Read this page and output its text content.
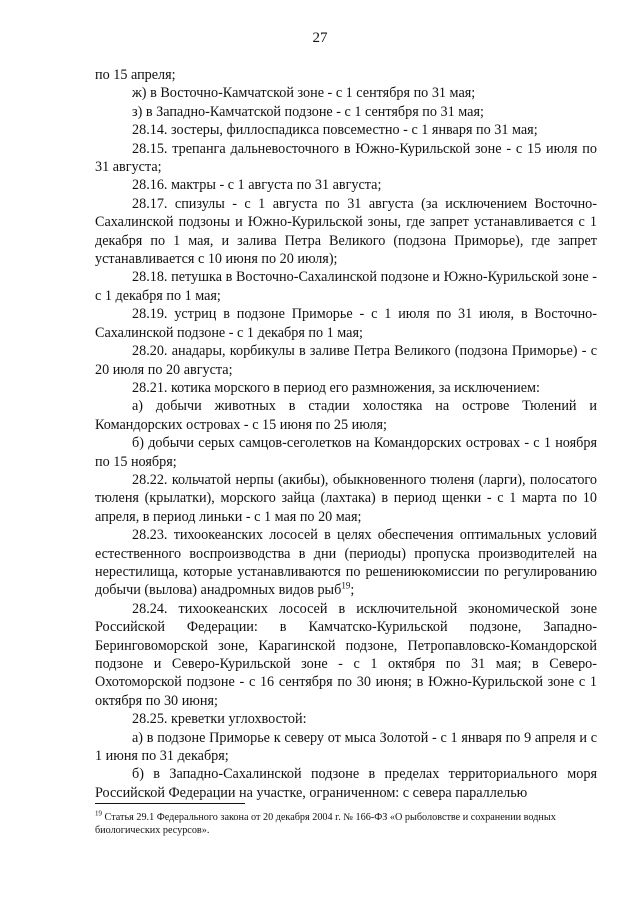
27

по 15 апреля;

ж) в Восточно-Камчатской зоне - с 1 сентября по 31 мая;

з) в Западно-Камчатской подзоне - с 1 сентября по 31 мая;

28.14. зостеры, филлоспадикса повсеместно - с 1 января по 31 мая;

28.15. трепанга дальневосточного в Южно-Курильской зоне - с 15 июля по 31 августа;

28.16. мактры - с 1 августа по 31 августа;

28.17. спизулы - с 1 августа по 31 августа (за исключением Восточно-Сахалинской подзоны и Южно-Курильской зоны, где запрет устанавливается с 1 декабря по 1 мая, и залива Петра Великого (подзона Приморье), где запрет устанавливается с 10 июня по 20 июля);

28.18. петушка в Восточно-Сахалинской подзоне и Южно-Курильской зоне - с 1 декабря по 1 мая;

28.19. устриц в подзоне Приморье - с 1 июля по 31 июля, в Восточно-Сахалинской подзоне - с 1 декабря по 1 мая;

28.20. анадары, корбикулы в заливе Петра Великого (подзона Приморье) - с 20 июля по 20 августа;

28.21. котика морского в период его размножения, за исключением:

а) добычи животных в стадии холостяка на острове Тюлений и Командорских островах - с 15 июня по 25 июля;

б) добычи серых самцов-сеголетков на Командорских островах - с 1 ноября по 15 ноября;

28.22. кольчатой нерпы (акибы), обыкновенного тюленя (ларги), полосатого тюленя (крылатки), морского зайца (лахтака) в период щенки - с 1 марта по 10 апреля, в период линьки - с 1 мая по 20 мая;

28.23. тихоокеанских лососей в целях обеспечения оптимальных условий естественного воспроизводства в дни (периоды) пропуска производителей на нерестилища, которые устанавливаются по решениюкомиссии по регулированию добычи (вылова) анадромных видов рыб$^{19}$;

28.24. тихоокеанских лососей в исключительной экономической зоне Российской Федерации: в Камчатско-Курильской подзоне, Западно-Беринговоморской зоне, Карагинской подзоне, Петропавловско-Командорской подзоне и Северо-Курильской зоне - с 1 октября по 31 мая; в Северо-Охотоморской подзоне - с 16 сентября по 30 июня; в Южно-Курильской зоне с 1 октября по 30 июня;

28.25. креветки углохвостой:

а) в подзоне Приморье к северу от мыса Золотой - с 1 января по 9 апреля и с 1 июня по 31 декабря;

б) в Западно-Сахалинской подзоне в пределах территориального моря Российской Федерации на участке, ограниченном: с севера параллелью

$^{19}$ Статья 29.1 Федерального закона от 20 декабря 2004 г. № 166-ФЗ «О рыболовстве и сохранении водных биологических ресурсов».
